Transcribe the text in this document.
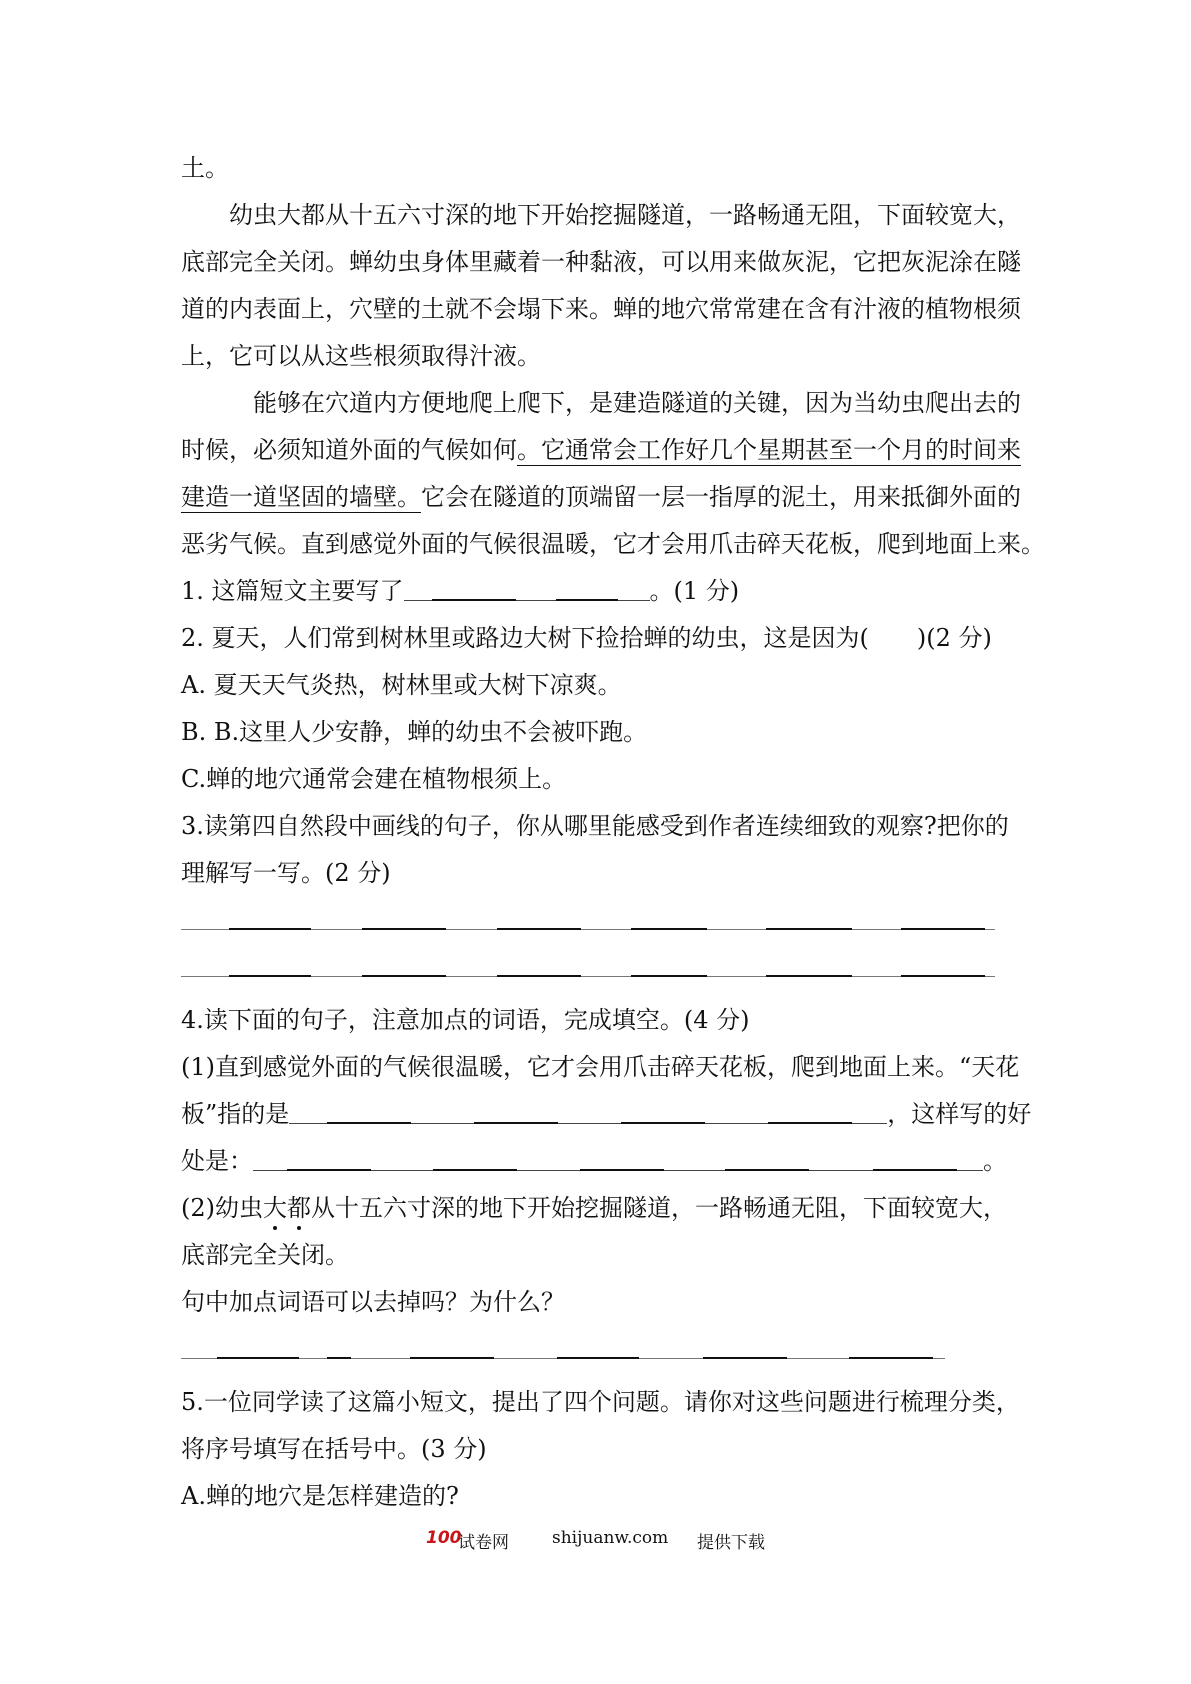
土。
幼虫大都从十五六寸深的地下开始挖掘隧道，一路畅通无阻，下面较宽大，
底部完全关闭。蝉幼虫身体里藏着一种黏液，可以用来做灰泥，它把灰泥涂在隧
道的内表面上，穴壁的土就不会塌下来。蝉的地穴常常建在含有汁液的植物根须
上，它可以从这些根须取得汁液。
能够在穴道内方便地爬上爬下，是建造隧道的关键，因为当幼虫爬出去的
时候，必须知道外面的气候如何。它通常会工作好几个星期甚至一个月的时间来
建造一道坚固的墙壁。它会在隧道的顶端留一层一指厚的泥土，用来抵御外面的
恶劣气候。直到感觉外面的气候很温暖，它才会用爪击碎天花板，爬到地面上来。
1. 这篇短文主要写了	。(1 分)
2. 夏天，人们常到树林里或路边大树下捡拾蝉的幼虫，这是因为(　　)(2 分)
A. 夏天天气炎热，树林里或大树下凉爽。
B. B.这里人少安静，蝉的幼虫不会被吓跑。
C.蝉的地穴通常会建在植物根须上。
3.读第四自然段中画线的句子，你从哪里能感受到作者连续细致的观察?把你的
理解写一写。(2 分)
4.读下面的句子，注意加点的词语，完成填空。(4 分)
(1)直到感觉外面的气候很温暖，它才会用爪击碎天花板，爬到地面上来。“天花
板”指的是	，这样写的好
处是：	。
(2)幼虫大都从十五六寸深的地下开始挖掘隧道，一路畅通无阻，下面较宽大，
底部完全关闭。
句中加点词语可以去掉吗？为什么？
5.一位同学读了这篇小短文，提出了四个问题。请你对这些问题进行梳理分类，
将序号填写在括号中。(3 分)
A.蝉的地穴是怎样建造的?
100
试卷网	shijuanw.com 提供下载
